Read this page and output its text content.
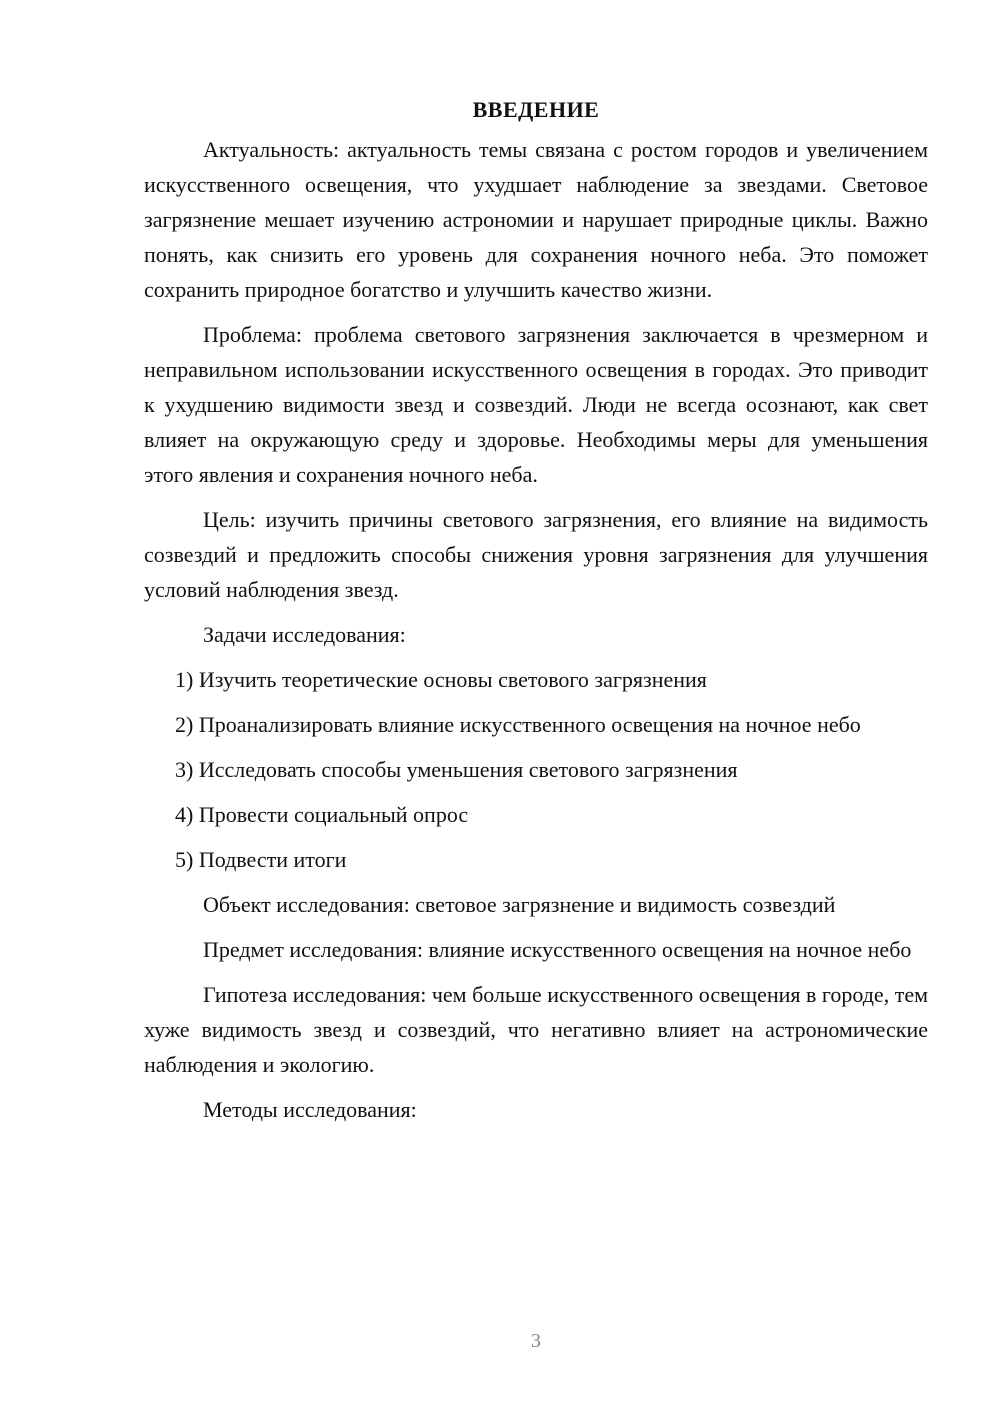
ВВЕДЕНИЕ

Актуальность: актуальность темы связана с ростом городов и увеличением искусственного освещения, что ухудшает наблюдение за звездами. Световое загрязнение мешает изучению астрономии и нарушает природные циклы. Важно понять, как снизить его уровень для сохранения ночного неба. Это поможет сохранить природное богатство и улучшить качество жизни.

Проблема: проблема светового загрязнения заключается в чрезмерном и неправильном использовании искусственного освещения в городах. Это приводит к ухудшению видимости звезд и созвездий. Люди не всегда осознают, как свет влияет на окружающую среду и здоровье. Необходимы меры для уменьшения этого явления и сохранения ночного неба.

Цель: изучить причины светового загрязнения, его влияние на видимость созвездий и предложить способы снижения уровня загрязнения для улучшения условий наблюдения звезд.

Задачи исследования:

1) Изучить теоретические основы светового загрязнения

2) Проанализировать влияние искусственного освещения на ночное небо

3) Исследовать способы уменьшения светового загрязнения

4) Провести социальный опрос

5) Подвести итоги

Объект исследования: световое загрязнение и видимость созвездий

Предмет исследования: влияние искусственного освещения на ночное небо

Гипотеза исследования: чем больше искусственного освещения в городе, тем хуже видимость звезд и созвездий, что негативно влияет на астрономические наблюдения и экологию.

Методы исследования:

3
